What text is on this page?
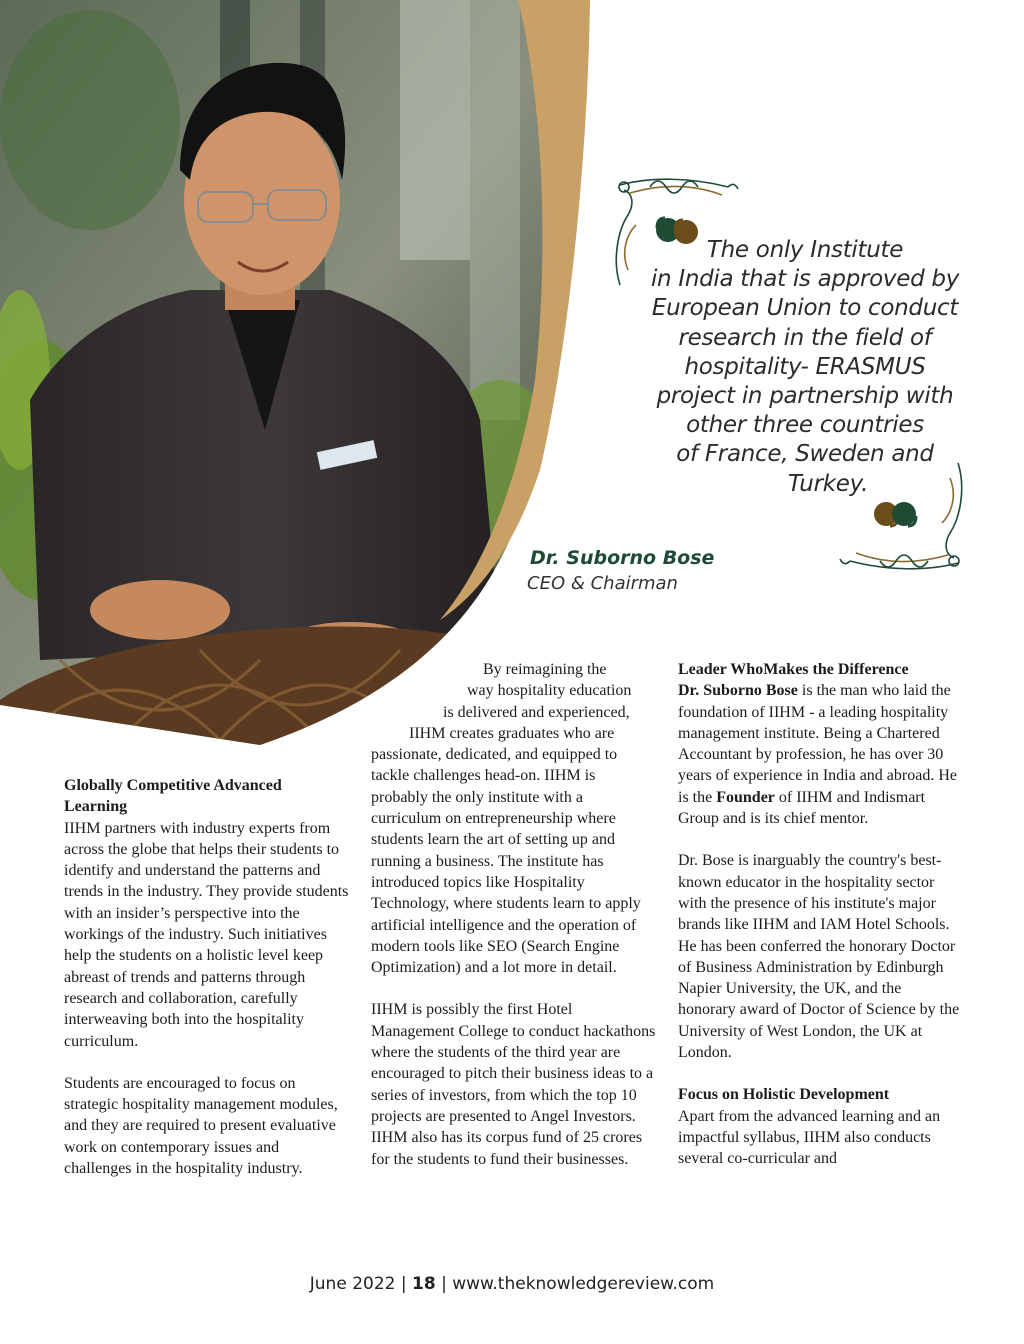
The only Institute
in India that is approved by
European Union to conduct
research in the field of
hospitality- ERASMUS
project in partnership with
other three countries
of France, Sweden and
Turkey.
Dr. Suborno Bose
CEO & Chairman

Globally Competitive Advanced
Learning

IIHM partners with industry experts from across the globe that helps their students to identify and understand the patterns and trends in the industry. They provide students with an insider’s perspective into the workings of the industry. Such initiatives help the students on a holistic level keep abreast of trends and patterns through research and collaboration, carefully interweaving both into the hospitality curriculum.

Students are encouraged to focus on strategic hospitality management modules, and they are required to present evaluative work on contemporary issues and challenges in the hospitality industry.

By reimagining the
way hospitality education
is delivered and experienced,
IIHM creates graduates who are
passionate, dedicated, and equipped to tackle challenges head-on. IIHM is probably the only institute with a curriculum on entrepreneurship where students learn the art of setting up and running a business. The institute has introduced topics like Hospitality Technology, where students learn to apply artificial intelligence and the operation of modern tools like SEO (Search Engine Optimization) and a lot more in detail.

IIHM is possibly the first Hotel Management College to conduct hackathons where the students of the third year are encouraged to pitch their business ideas to a series of investors, from which the top 10 projects are presented to Angel Investors. IIHM also has its corpus fund of 25 crores for the students to fund their businesses.

Leader WhoMakes the Difference

Dr. Suborno Bose is the man who laid the foundation of IIHM - a leading hospitality management institute. Being a Chartered Accountant by profession, he has over 30 years of experience in India and abroad. He is the Founder of IIHM and Indismart Group and is its chief mentor.

Dr. Bose is inarguably the country's best-known educator in the hospitality sector with the presence of his institute's major brands like IIHM and IAM Hotel Schools. He has been conferred the honorary Doctor of Business Administration by Edinburgh Napier University, the UK, and the honorary award of Doctor of Science by the University of West London, the UK at London.

Focus on Holistic Development

Apart from the advanced learning and an impactful syllabus, IIHM also conducts several co-curricular and

June 2022 | 18 | www.theknowledgereview.com
